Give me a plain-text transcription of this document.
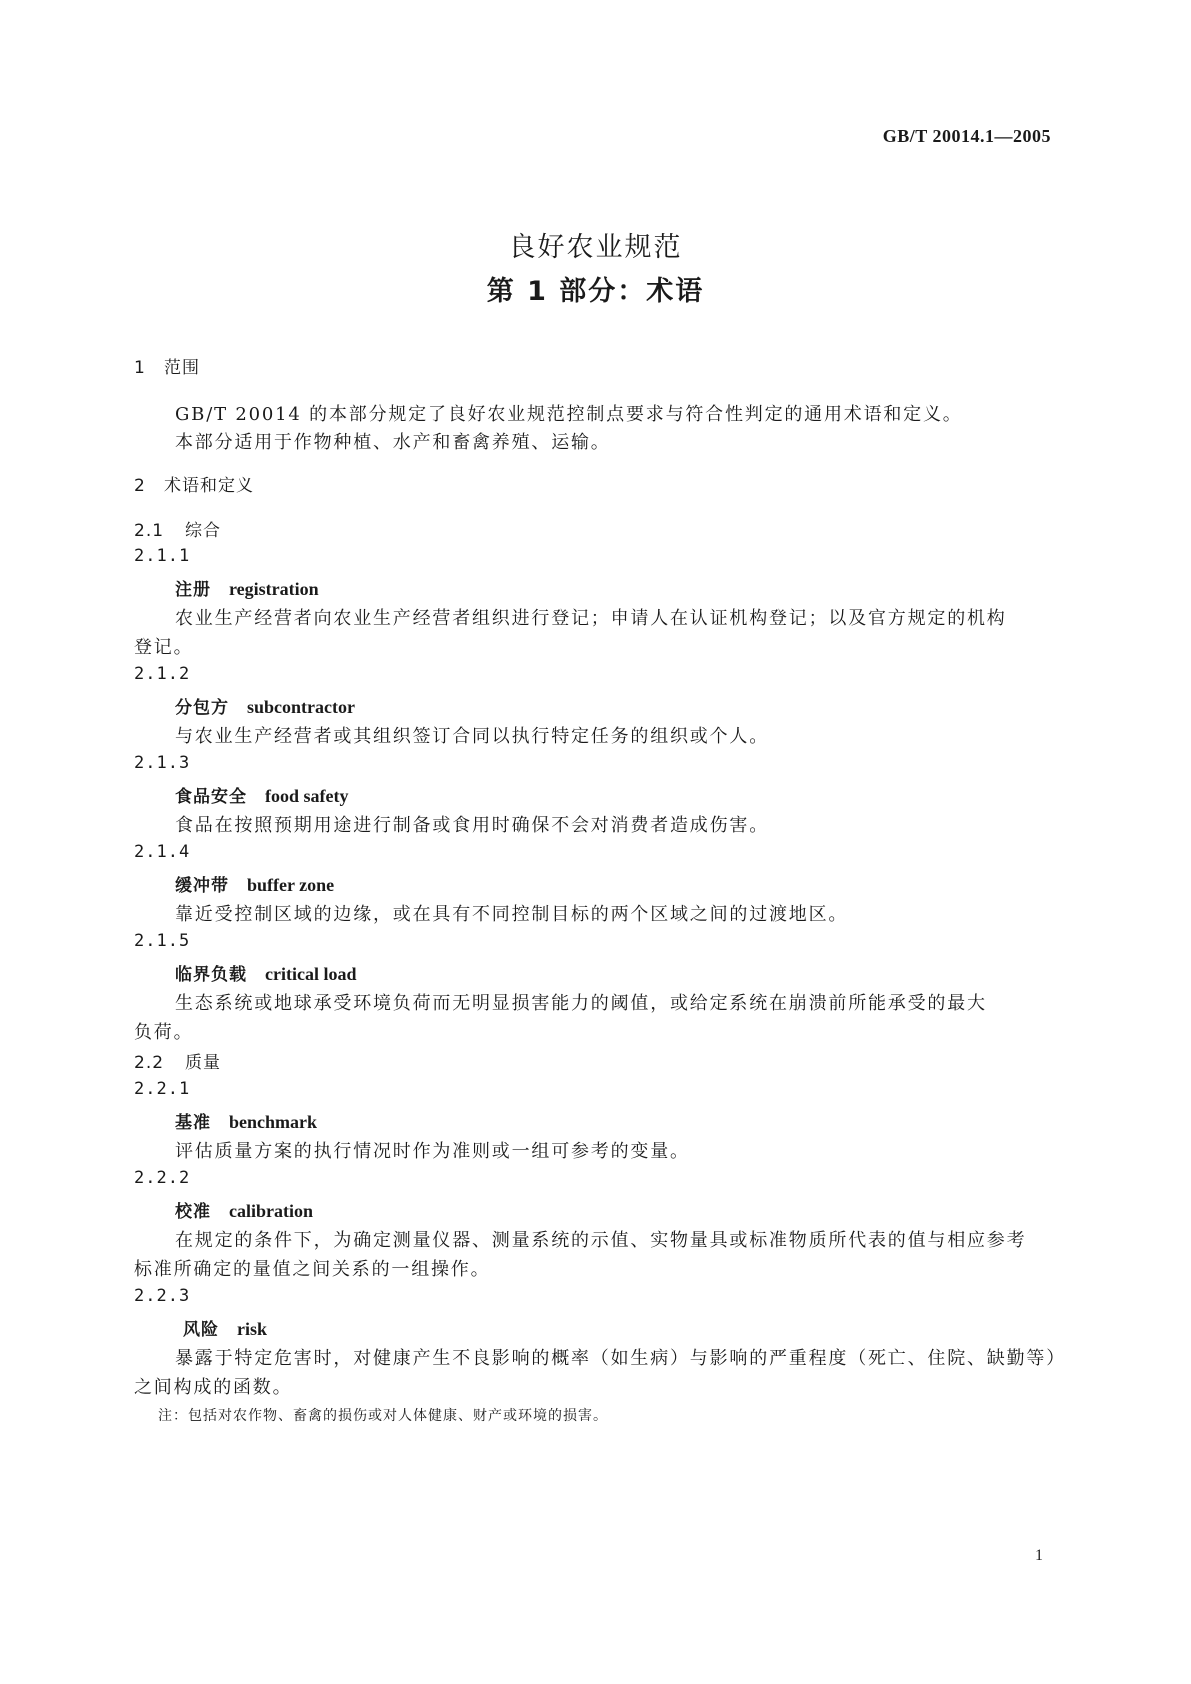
GB/T 20014.1—2005
良好农业规范
第 1 部分：术语
1 范围
GB/T 20014 的本部分规定了良好农业规范控制点要求与符合性判定的通用术语和定义。
本部分适用于作物种植、水产和畜禽养殖、运输。
2 术语和定义
2.1 综合
2.1.1
注册 registration
农业生产经营者向农业生产经营者组织进行登记；申请人在认证机构登记；以及官方规定的机构
登记。
2.1.2
分包方 subcontractor
与农业生产经营者或其组织签订合同以执行特定任务的组织或个人。
2.1.3
食品安全 food safety
食品在按照预期用途进行制备或食用时确保不会对消费者造成伤害。
2.1.4
缓冲带 buffer zone
靠近受控制区域的边缘，或在具有不同控制目标的两个区域之间的过渡地区。
2.1.5
临界负载 critical load
生态系统或地球承受环境负荷而无明显损害能力的阈值，或给定系统在崩溃前所能承受的最大
负荷。
2.2 质量
2.2.1
基准 benchmark
评估质量方案的执行情况时作为准则或一组可参考的变量。
2.2.2
校准 calibration
在规定的条件下，为确定测量仪器、测量系统的示值、实物量具或标准物质所代表的值与相应参考
标准所确定的量值之间关系的一组操作。
2.2.3
风险 risk
暴露于特定危害时，对健康产生不良影响的概率（如生病）与影响的严重程度（死亡、住院、缺勤等）
之间构成的函数。
注：包括对农作物、畜禽的损伤或对人体健康、财产或环境的损害。
1
